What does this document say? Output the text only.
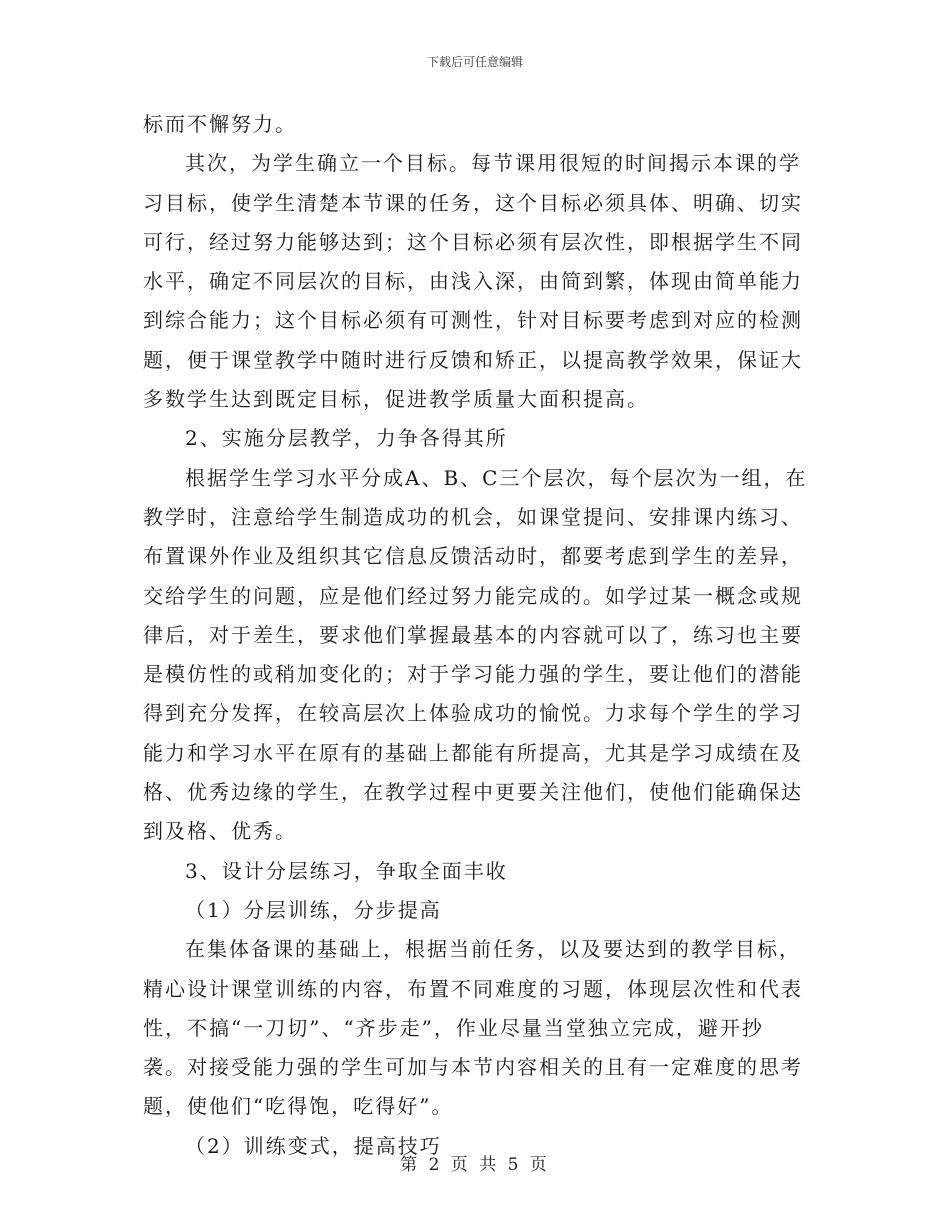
下载后可任意编辑
标而不懈努力。
其次，为学生确立一个目标。每节课用很短的时间揭示本课的学
习目标，使学生清楚本节课的任务，这个目标必须具体、明确、切实
可行，经过努力能够达到；这个目标必须有层次性，即根据学生不同
水平，确定不同层次的目标，由浅入深，由简到繁，体现由简单能力
到综合能力；这个目标必须有可测性，针对目标要考虑到对应的检测
题，便于课堂教学中随时进行反馈和矫正，以提高教学效果，保证大
多数学生达到既定目标，促进教学质量大面积提高。
2、实施分层教学，力争各得其所
根据学生学习水平分成A、B、C三个层次，每个层次为一组，在
教学时，注意给学生制造成功的机会，如课堂提问、安排课内练习、
布置课外作业及组织其它信息反馈活动时，都要考虑到学生的差异，
交给学生的问题，应是他们经过努力能完成的。如学过某一概念或规
律后，对于差生，要求他们掌握最基本的内容就可以了，练习也主要
是模仿性的或稍加变化的；对于学习能力强的学生，要让他们的潜能
得到充分发挥，在较高层次上体验成功的愉悦。力求每个学生的学习
能力和学习水平在原有的基础上都能有所提高，尤其是学习成绩在及
格、优秀边缘的学生，在教学过程中更要关注他们，使他们能确保达
到及格、优秀。
3、设计分层练习，争取全面丰收
（1）分层训练，分步提高
在集体备课的基础上，根据当前任务，以及要达到的教学目标，
精心设计课堂训练的内容，布置不同难度的习题，体现层次性和代表
性，不搞“一刀切”、“齐步走”，作业尽量当堂独立完成，避开抄
袭。对接受能力强的学生可加与本节内容相关的且有一定难度的思考
题，使他们“吃得饱，吃得好”。
（2）训练变式，提高技巧
第 2 页 共 5 页
